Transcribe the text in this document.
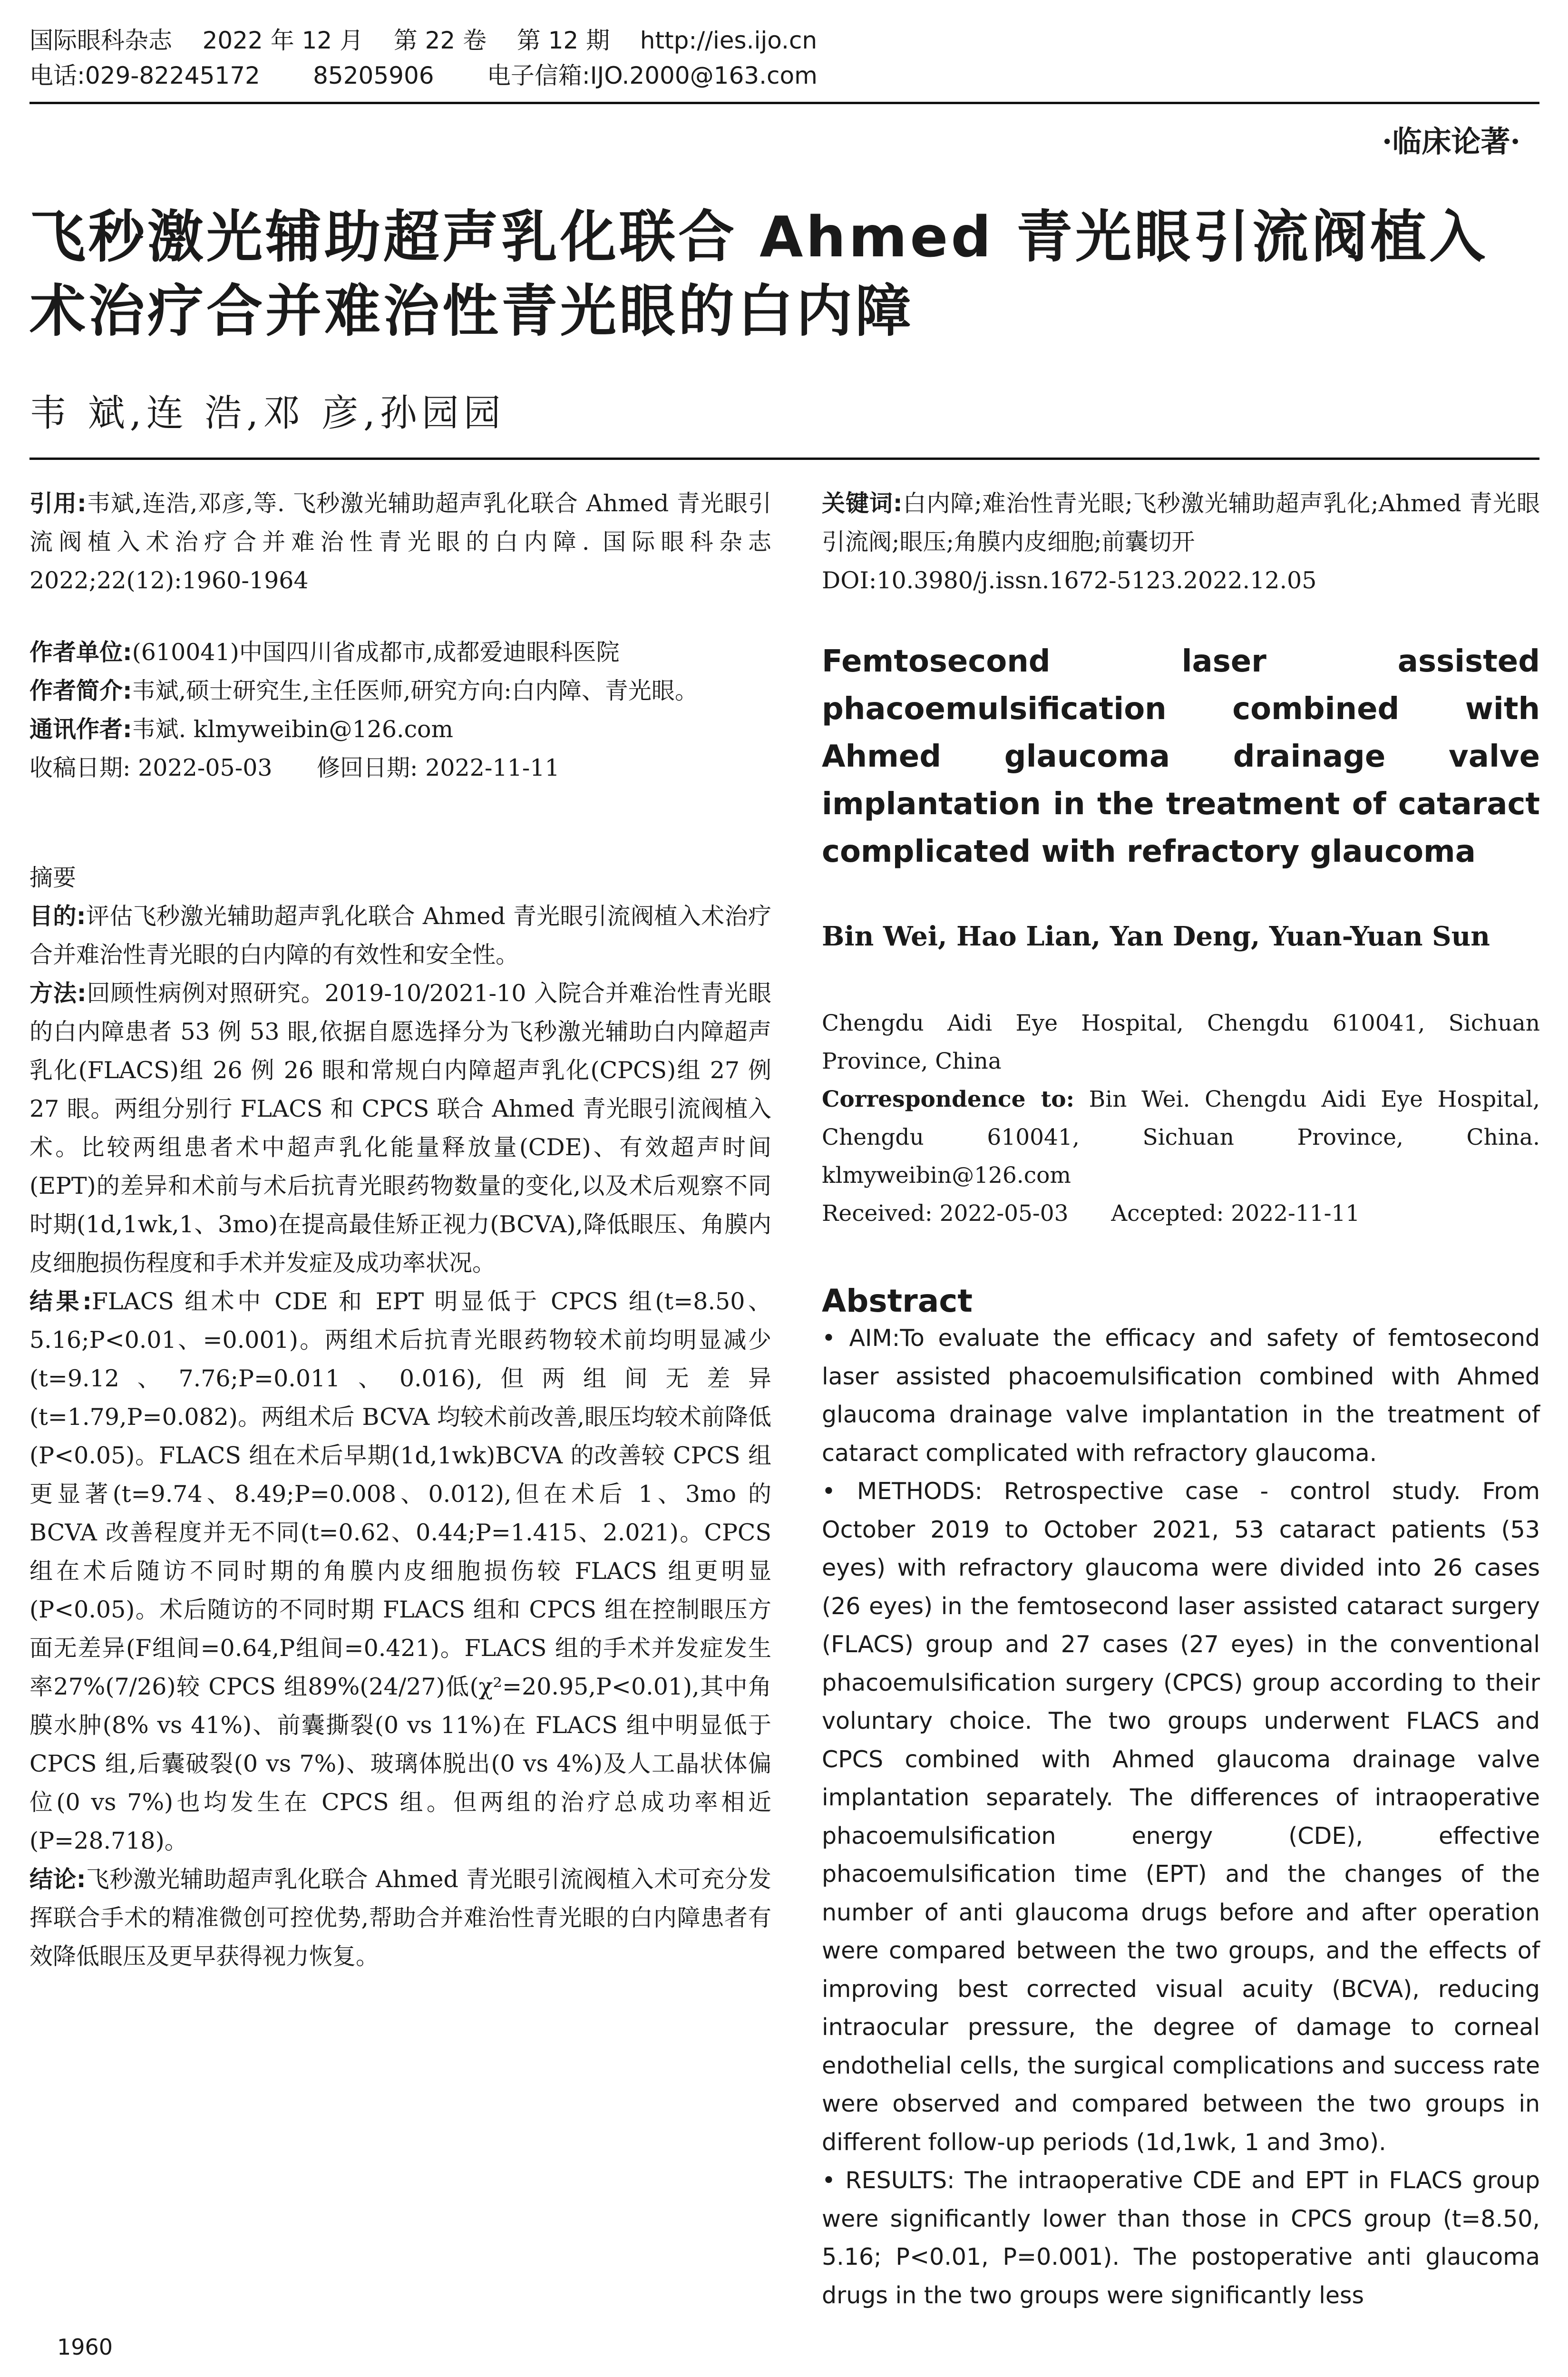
国际眼科杂志 2022 年 12 月 第 22 卷 第 12 期 http://ies.ijo.cn
电话:029-82245172 85205906 电子信箱:IJO.2000@163.com
·临床论著·
飞秒激光辅助超声乳化联合 Ahmed 青光眼引流阀植入
术治疗合并难治性青光眼的白内障
韦 斌,连 浩,邓 彦,孙园园

引用:韦斌,连浩,邓彦,等. 飞秒激光辅助超声乳化联合 Ahmed 青光眼引流阀植入术治疗合并难治性青光眼的白内障. 国际眼科杂志 2022;22(12):1960-1964

作者单位:(610041)中国四川省成都市,成都爱迪眼科医院

作者简介:韦斌,硕士研究生,主任医师,研究方向:白内障、青光眼。

通讯作者:韦斌. klmyweibin@126.com

收稿日期: 2022-05-03      修回日期: 2022-11-11

摘要

目的:评估飞秒激光辅助超声乳化联合 Ahmed 青光眼引流阀植入术治疗合并难治性青光眼的白内障的有效性和安全性。

方法:回顾性病例对照研究。2019-10/2021-10 入院合并难治性青光眼的白内障患者 53 例 53 眼,依据自愿选择分为飞秒激光辅助白内障超声乳化(FLACS)组 26 例 26 眼和常规白内障超声乳化(CPCS)组 27 例 27 眼。两组分别行 FLACS 和 CPCS 联合 Ahmed 青光眼引流阀植入术。比较两组患者术中超声乳化能量释放量(CDE)、有效超声时间(EPT)的差异和术前与术后抗青光眼药物数量的变化,以及术后观察不同时期(1d,1wk,1、3mo)在提高最佳矫正视力(BCVA),降低眼压、角膜内皮细胞损伤程度和手术并发症及成功率状况。

结果:FLACS 组术中 CDE 和 EPT 明显低于 CPCS 组(t=8.50、5.16;P<0.01、=0.001)。两组术后抗青光眼药物较术前均明显减少(t=9.12、7.76;P=0.011、0.016),但两组间无差异(t=1.79,P=0.082)。两组术后 BCVA 均较术前改善,眼压均较术前降低(P<0.05)。FLACS 组在术后早期(1d,1wk)BCVA 的改善较 CPCS 组更显著(t=9.74、8.49;P=0.008、0.012),但在术后 1、3mo 的 BCVA 改善程度并无不同(t=0.62、0.44;P=1.415、2.021)。CPCS 组在术后随访不同时期的角膜内皮细胞损伤较 FLACS 组更明显(P<0.05)。术后随访的不同时期 FLACS 组和 CPCS 组在控制眼压方面无差异(F组间=0.64,P组间=0.421)。FLACS 组的手术并发症发生率27%(7/26)较 CPCS 组89%(24/27)低(χ²=20.95,P<0.01),其中角膜水肿(8% vs 41%)、前囊撕裂(0 vs 11%)在 FLACS 组中明显低于 CPCS 组,后囊破裂(0 vs 7%)、玻璃体脱出(0 vs 4%)及人工晶状体偏位(0 vs 7%)也均发生在 CPCS 组。但两组的治疗总成功率相近(P=28.718)。

结论:飞秒激光辅助超声乳化联合 Ahmed 青光眼引流阀植入术可充分发挥联合手术的精准微创可控优势,帮助合并难治性青光眼的白内障患者有效降低眼压及更早获得视力恢复。

关键词:白内障;难治性青光眼;飞秒激光辅助超声乳化;Ahmed 青光眼引流阀;眼压;角膜内皮细胞;前囊切开

DOI:10.3980/j.issn.1672-5123.2022.12.05

Femtosecond laser assisted phacoemulsification combined with Ahmed glaucoma drainage valve implantation in the treatment of cataract complicated with refractory glaucoma

Bin Wei, Hao Lian, Yan Deng, Yuan-Yuan Sun

Chengdu Aidi Eye Hospital, Chengdu 610041, Sichuan Province, China

Correspondence to: Bin Wei. Chengdu Aidi Eye Hospital, Chengdu 610041, Sichuan Province, China. klmyweibin@126.com

Received: 2022-05-03      Accepted: 2022-11-11

Abstract

• AIM:To evaluate the efficacy and safety of femtosecond laser assisted phacoemulsification combined with Ahmed glaucoma drainage valve implantation in the treatment of cataract complicated with refractory glaucoma.

• METHODS: Retrospective case - control study. From October 2019 to October 2021, 53 cataract patients (53 eyes) with refractory glaucoma were divided into 26 cases (26 eyes) in the femtosecond laser assisted cataract surgery (FLACS) group and 27 cases (27 eyes) in the conventional phacoemulsification surgery (CPCS) group according to their voluntary choice. The two groups underwent FLACS and CPCS combined with Ahmed glaucoma drainage valve implantation separately. The differences of intraoperative phacoemulsification energy (CDE), effective phacoemulsification time (EPT) and the changes of the number of anti glaucoma drugs before and after operation were compared between the two groups, and the effects of improving best corrected visual acuity (BCVA), reducing intraocular pressure, the degree of damage to corneal endothelial cells, the surgical complications and success rate were observed and compared between the two groups in different follow-up periods (1d,1wk, 1 and 3mo).

• RESULTS: The intraoperative CDE and EPT in FLACS group were significantly lower than those in CPCS group (t=8.50, 5.16; P<0.01, P=0.001). The postoperative anti glaucoma drugs in the two groups were significantly less

1960
